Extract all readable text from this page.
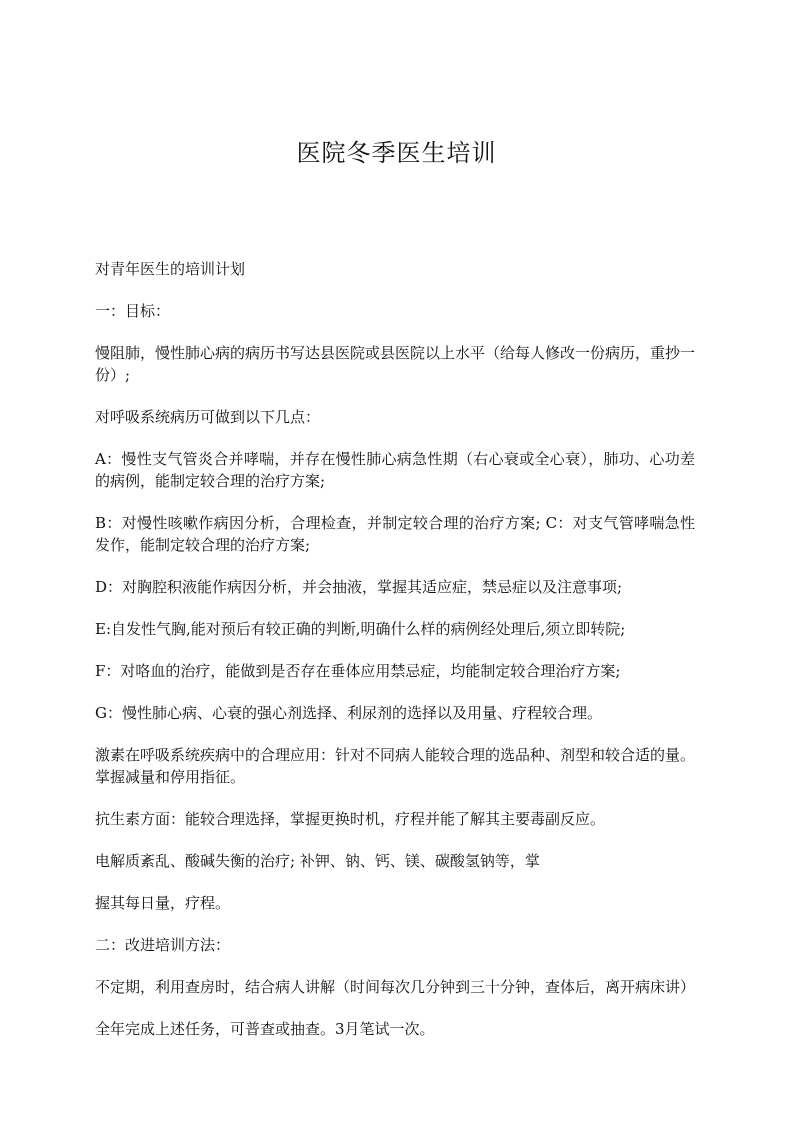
医院冬季医生培训

对青年医生的培训计划

一：目标：

慢阻肺，慢性肺心病的病历书写达县医院或县医院以上水平（给每人修改一份病历，重抄一份）;

对呼吸系统病历可做到以下几点：

A：慢性支气管炎合并哮喘，并存在慢性肺心病急性期（右心衰或全心衰），肺功、心功差的病例，能制定较合理的治疗方案;

B：对慢性咳嗽作病因分析，合理检查，并制定较合理的治疗方案; C：对支气管哮喘急性发作，能制定较合理的治疗方案;

D：对胸腔积液能作病因分析，并会抽液，掌握其适应症，禁忌症以及注意事项;

E:自发性气胸,能对预后有较正确的判断,明确什么样的病例经处理后,须立即转院;

F：对咯血的治疗，能做到是否存在垂体应用禁忌症，均能制定较合理治疗方案;

G：慢性肺心病、心衰的强心剂选择、利尿剂的选择以及用量、疗程较合理。

激素在呼吸系统疾病中的合理应用：针对不同病人能较合理的选品种、剂型和较合适的量。掌握减量和停用指征。

抗生素方面：能较合理选择，掌握更换时机，疗程并能了解其主要毒副反应。

电解质紊乱、酸碱失衡的治疗; 补钾、钠、钙、镁、碳酸氢钠等，掌

握其每日量，疗程。

二：改进培训方法：

不定期，利用查房时，结合病人讲解（时间每次几分钟到三十分钟，查体后，离开病床讲）

全年完成上述任务，可普查或抽查。3月笔试一次。
